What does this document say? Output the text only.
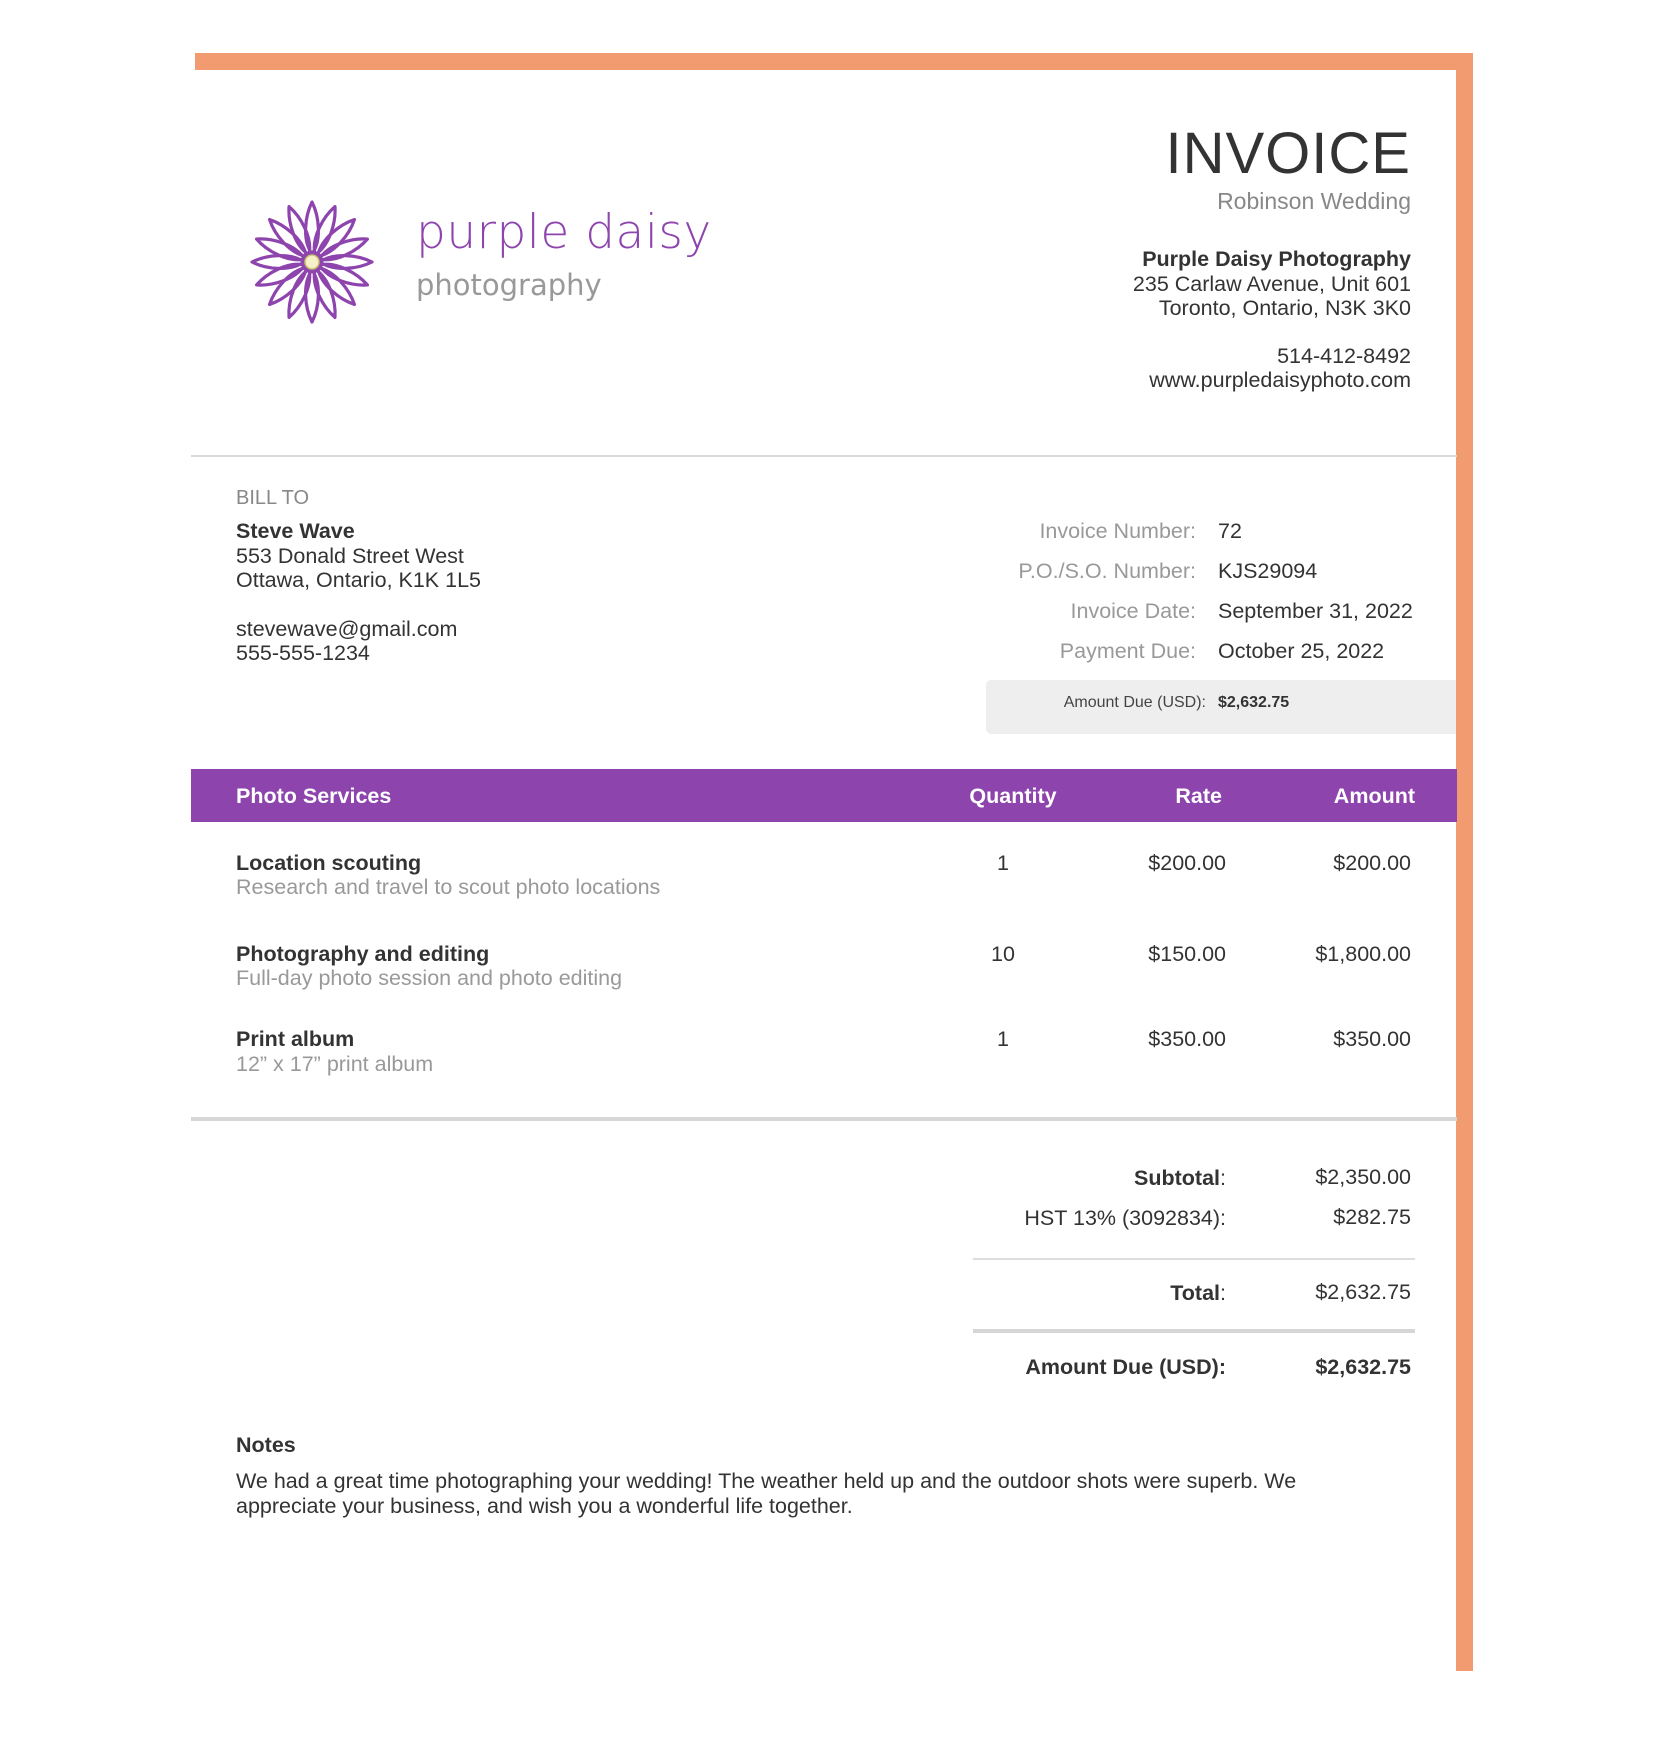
purple daisy
photography
INVOICE
Robinson Wedding
Purple Daisy Photography
235 Carlaw Avenue, Unit 601
Toronto, Ontario, N3K 3K0
514-412-8492
www.purpledaisyphoto.com
BILL TO
Steve Wave
553 Donald Street West
Ottawa, Ontario, K1K 1L5
stevewave@gmail.com
555-555-1234
Invoice Number: 72
P.O./S.O. Number: KJS29094
Invoice Date: September 31, 2022
Payment Due: October 25, 2022
Amount Due (USD): $2,632.75
Photo Services	Quantity	Rate	Amount
Location scouting
Research and travel to scout photo locations
1	$200.00	$200.00
Photography and editing
Full-day photo session and photo editing
10	$150.00	$1,800.00
Print album
12” x 17” print album
1	$350.00	$350.00
Subtotal:	$2,350.00
HST 13% (3092834):	$282.75
Total:	$2,632.75
Amount Due (USD):	$2,632.75
Notes
We had a great time photographing your wedding! The weather held up and the outdoor shots were superb. We appreciate your business, and wish you a wonderful life together.
